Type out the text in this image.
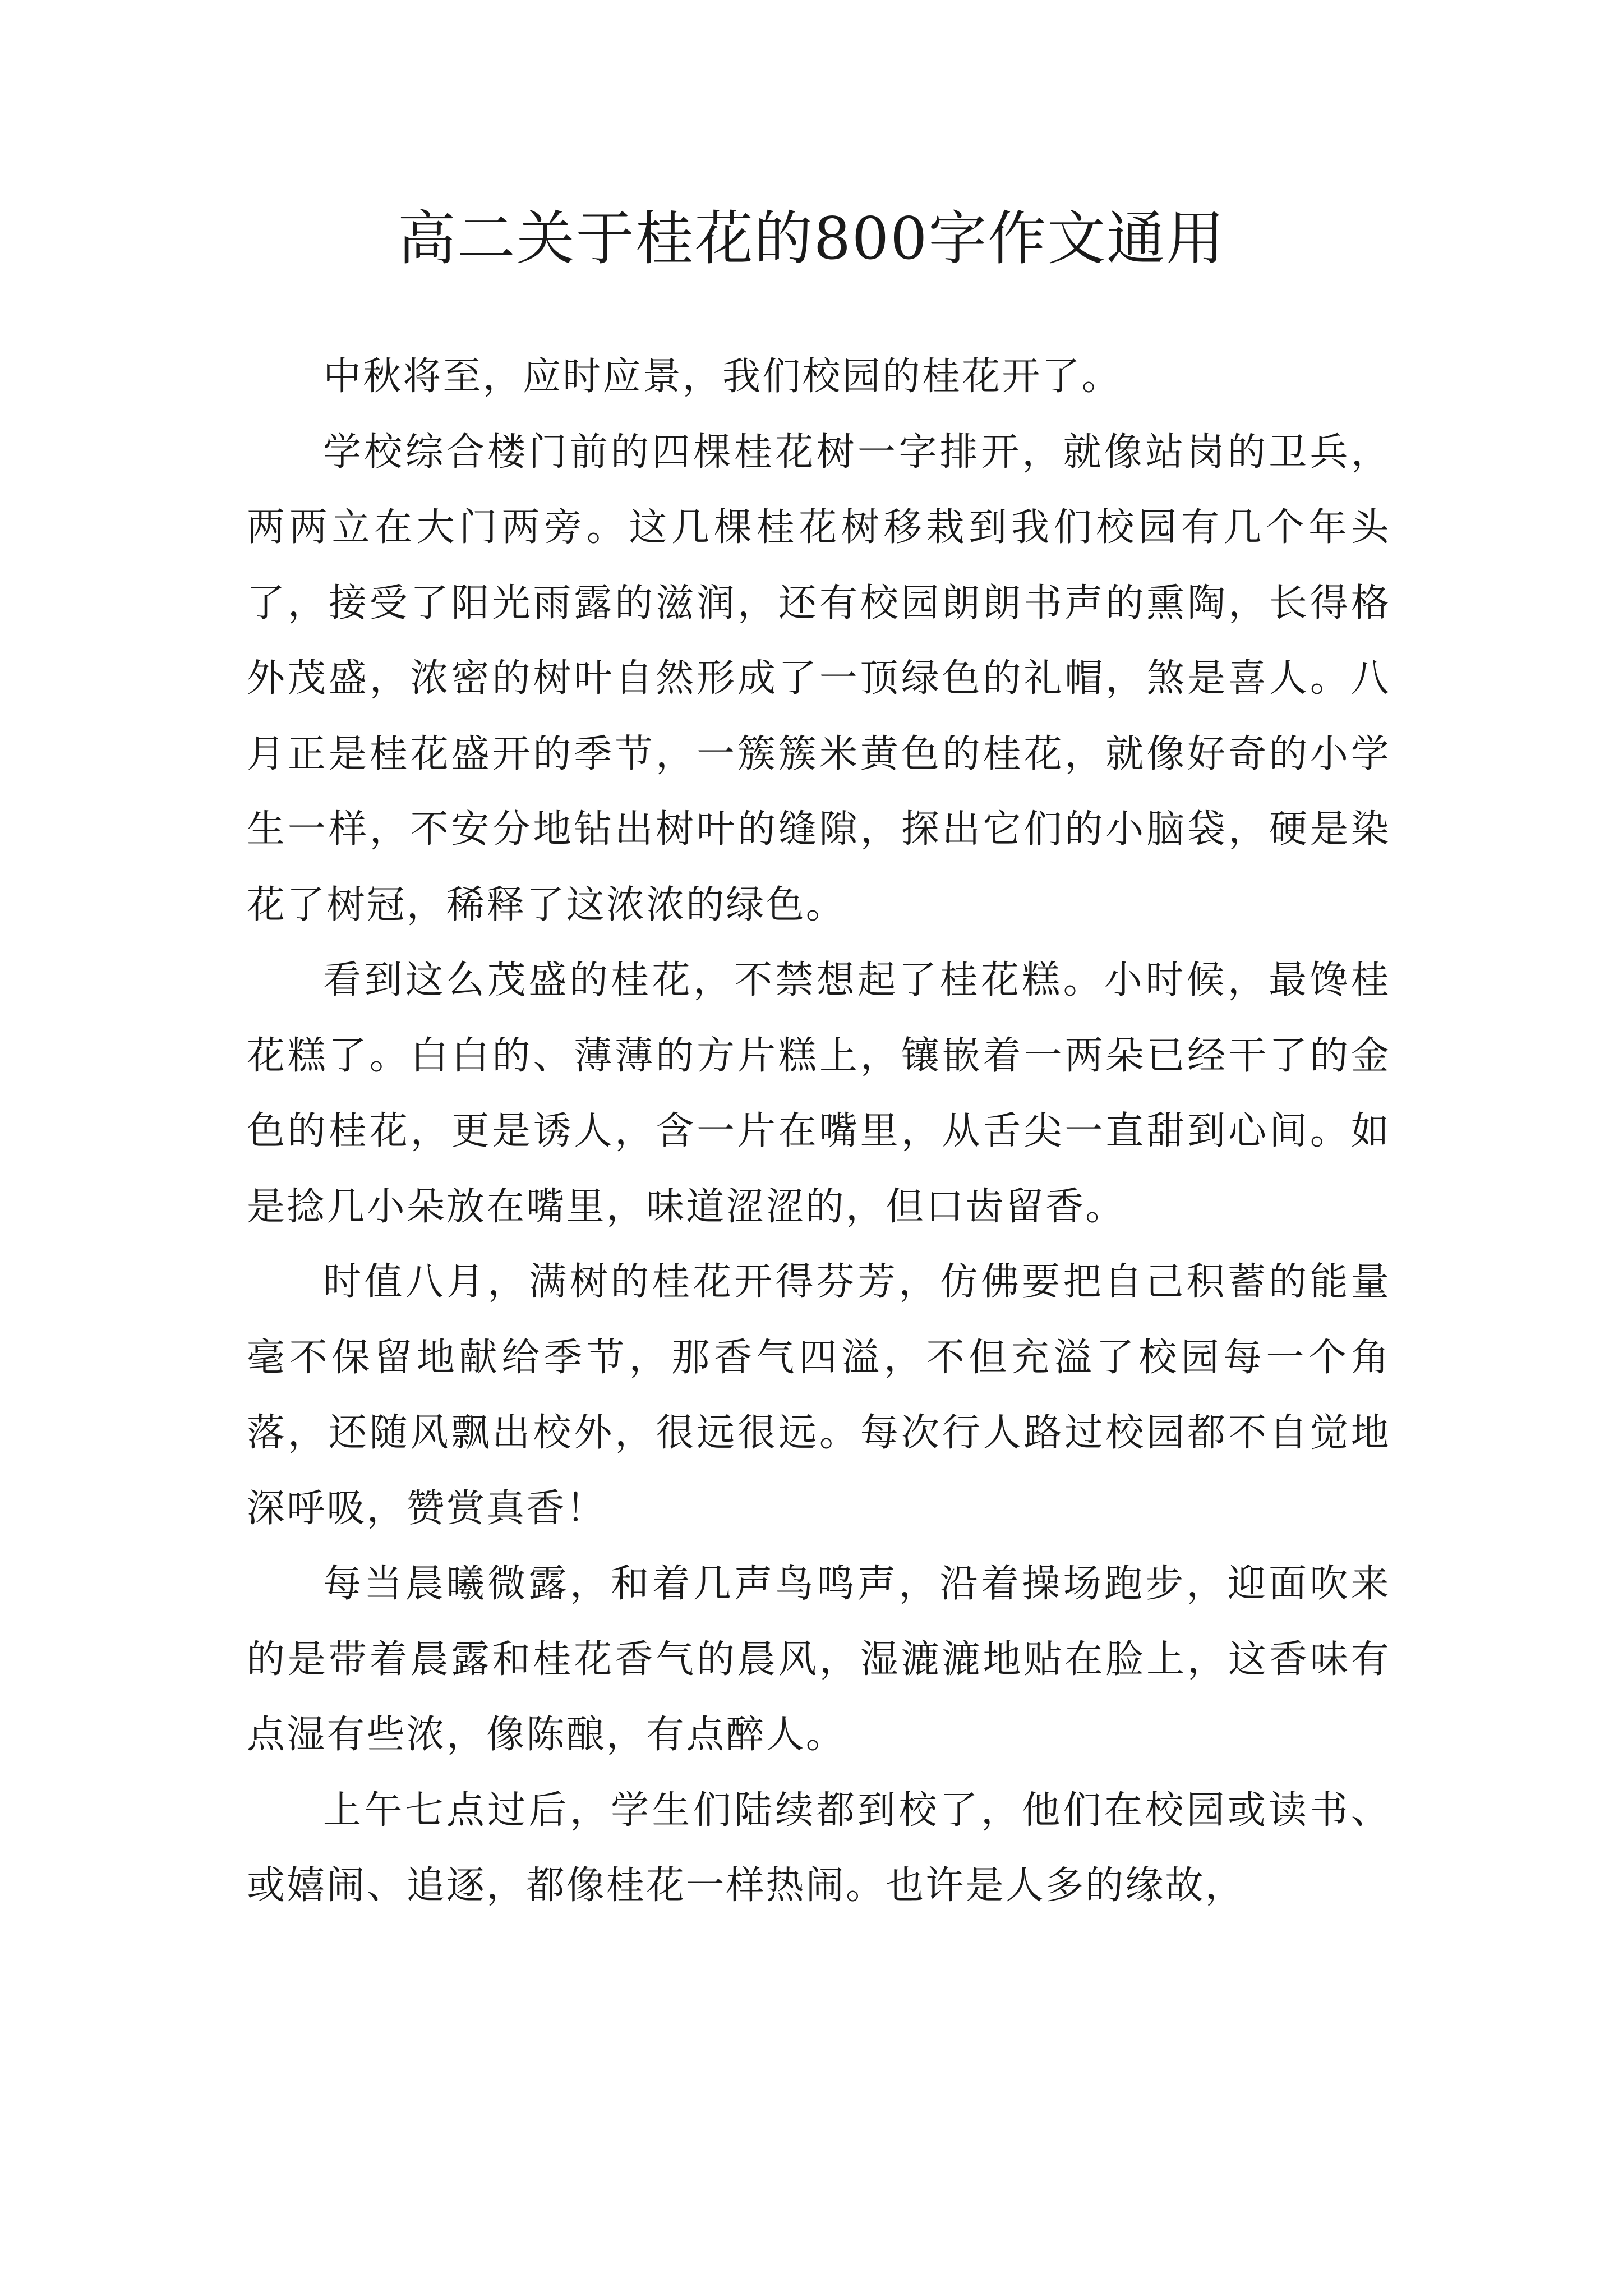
高二关于桂花的800字作文通用

中秋将至，应时应景，我们校园的桂花开了。

学校综合楼门前的四棵桂花树一字排开，就像站岗的卫兵，两两立在大门两旁。这几棵桂花树移栽到我们校园有几个年头了，接受了阳光雨露的滋润，还有校园朗朗书声的熏陶，长得格外茂盛，浓密的树叶自然形成了一顶绿色的礼帽，煞是喜人。八月正是桂花盛开的季节，一簇簇米黄色的桂花，就像好奇的小学生一样，不安分地钻出树叶的缝隙，探出它们的小脑袋，硬是染花了树冠，稀释了这浓浓的绿色。

看到这么茂盛的桂花，不禁想起了桂花糕。小时候，最馋桂花糕了。白白的、薄薄的方片糕上，镶嵌着一两朵已经干了的金色的桂花，更是诱人，含一片在嘴里，从舌尖一直甜到心间。如是捻几小朵放在嘴里，味道涩涩的，但口齿留香。

时值八月，满树的桂花开得芬芳，仿佛要把自己积蓄的能量毫不保留地献给季节，那香气四溢，不但充溢了校园每一个角落，还随风飘出校外，很远很远。每次行人路过校园都不自觉地深呼吸，赞赏真香！

每当晨曦微露，和着几声鸟鸣声，沿着操场跑步，迎面吹来的是带着晨露和桂花香气的晨风，湿漉漉地贴在脸上，这香味有点湿有些浓，像陈酿，有点醉人。

上午七点过后，学生们陆续都到校了，他们在校园或读书、或嬉闹、追逐，都像桂花一样热闹。也许是人多的缘故，
